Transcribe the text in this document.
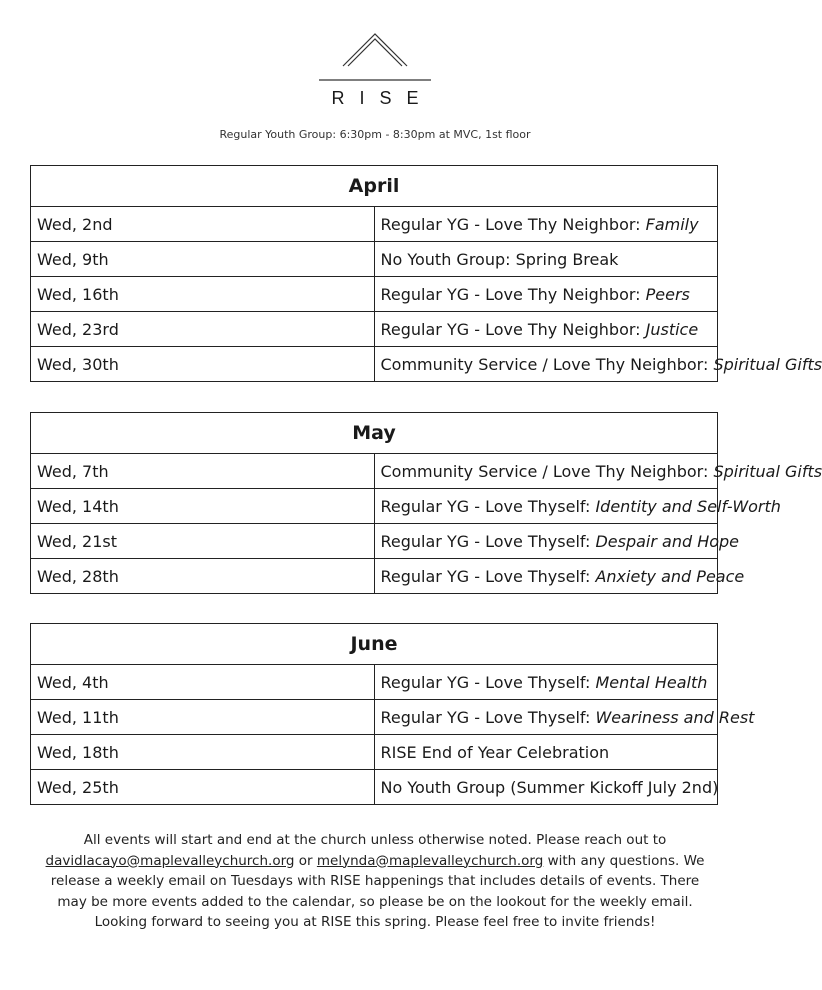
RISE
Regular Youth Group: 6:30pm - 8:30pm at MVC, 1st floor
April	
Wed, 2nd	Regular YG - Love Thy Neighbor: Family
Wed, 9th	No Youth Group: Spring Break
Wed, 16th	Regular YG - Love Thy Neighbor: Peers
Wed, 23rd	Regular YG - Love Thy Neighbor: Justice
Wed, 30th	Community Service / Love Thy Neighbor: Spiritual Gifts
May	
Wed, 7th	Community Service / Love Thy Neighbor: Spiritual Gifts
Wed, 14th	Regular YG - Love Thyself: Identity and Self-Worth
Wed, 21st	Regular YG - Love Thyself: Despair and Hope
Wed, 28th	Regular YG - Love Thyself: Anxiety and Peace
June	
Wed, 4th	Regular YG - Love Thyself: Mental Health
Wed, 11th	Regular YG - Love Thyself: Weariness and Rest
Wed, 18th	RISE End of Year Celebration
Wed, 25th	No Youth Group (Summer Kickoff July 2nd)
All events will start and end at the church unless otherwise noted. Please reach out to
davidlacayo@maplevalleychurch.org or melynda@maplevalleychurch.org with any questions. We
release a weekly email on Tuesdays with RISE happenings that includes details of events. There
may be more events added to the calendar, so please be on the lookout for the weekly email.
Looking forward to seeing you at RISE this spring. Please feel free to invite friends!
